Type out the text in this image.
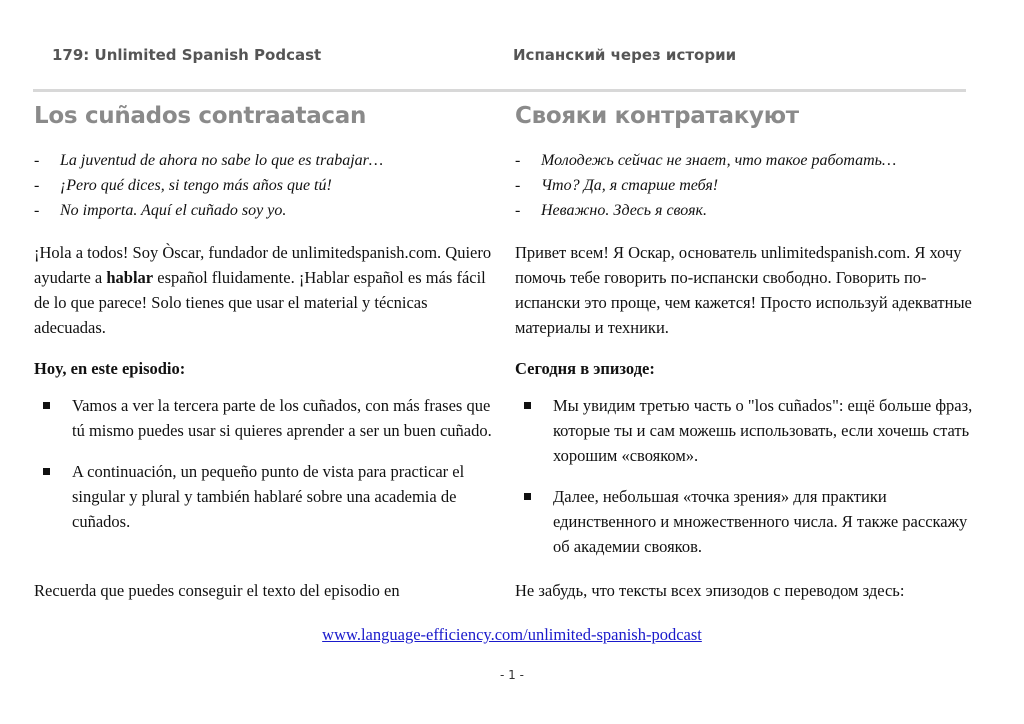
179: Unlimited Spanish Podcast	Испанский через истории
Los cuñados contraatacan
- La juventud de ahora no sabe lo que es trabajar…
- ¡Pero qué dices, si tengo más años que tú!
- No importa. Aquí el cuñado soy yo.
¡Hola a todos! Soy Òscar, fundador de unlimitedspanish.com. Quiero ayudarte a hablar español fluidamente. ¡Hablar español es más fácil de lo que parece! Solo tienes que usar el material y técnicas adecuadas.
Hoy, en este episodio:
Vamos a ver la tercera parte de los cuñados, con más frases que tú mismo puedes usar si quieres aprender a ser un buen cuñado.
A continuación, un pequeño punto de vista para practicar el singular y plural y también hablaré sobre una academia de cuñados.
Свояки контратакуют
- Молодежь сейчас не знает, что такое работать…
- Что? Да, я старше тебя!
- Неважно. Здесь я свояк.
Привет всем! Я Оскар, основатель unlimitedspanish.com. Я хочу помочь тебе говорить по-испански свободно. Говорить по-испански это проще, чем кажется! Просто используй адекватные материалы и техники.
Сегодня в эпизоде:
Мы увидим третью часть о "los cuñados": ещё больше фраз, которые ты и сам можешь использовать, если хочешь стать хорошим «свояком».
Далее, небольшая «точка зрения» для практики единственного и множественного числа. Я также расскажу об академии свояков.
Recuerda que puedes conseguir el texto del episodio en	Не забудь, что тексты всех эпизодов с переводом здесь:
www.language-efficiency.com/unlimited-spanish-podcast
- 1 -
